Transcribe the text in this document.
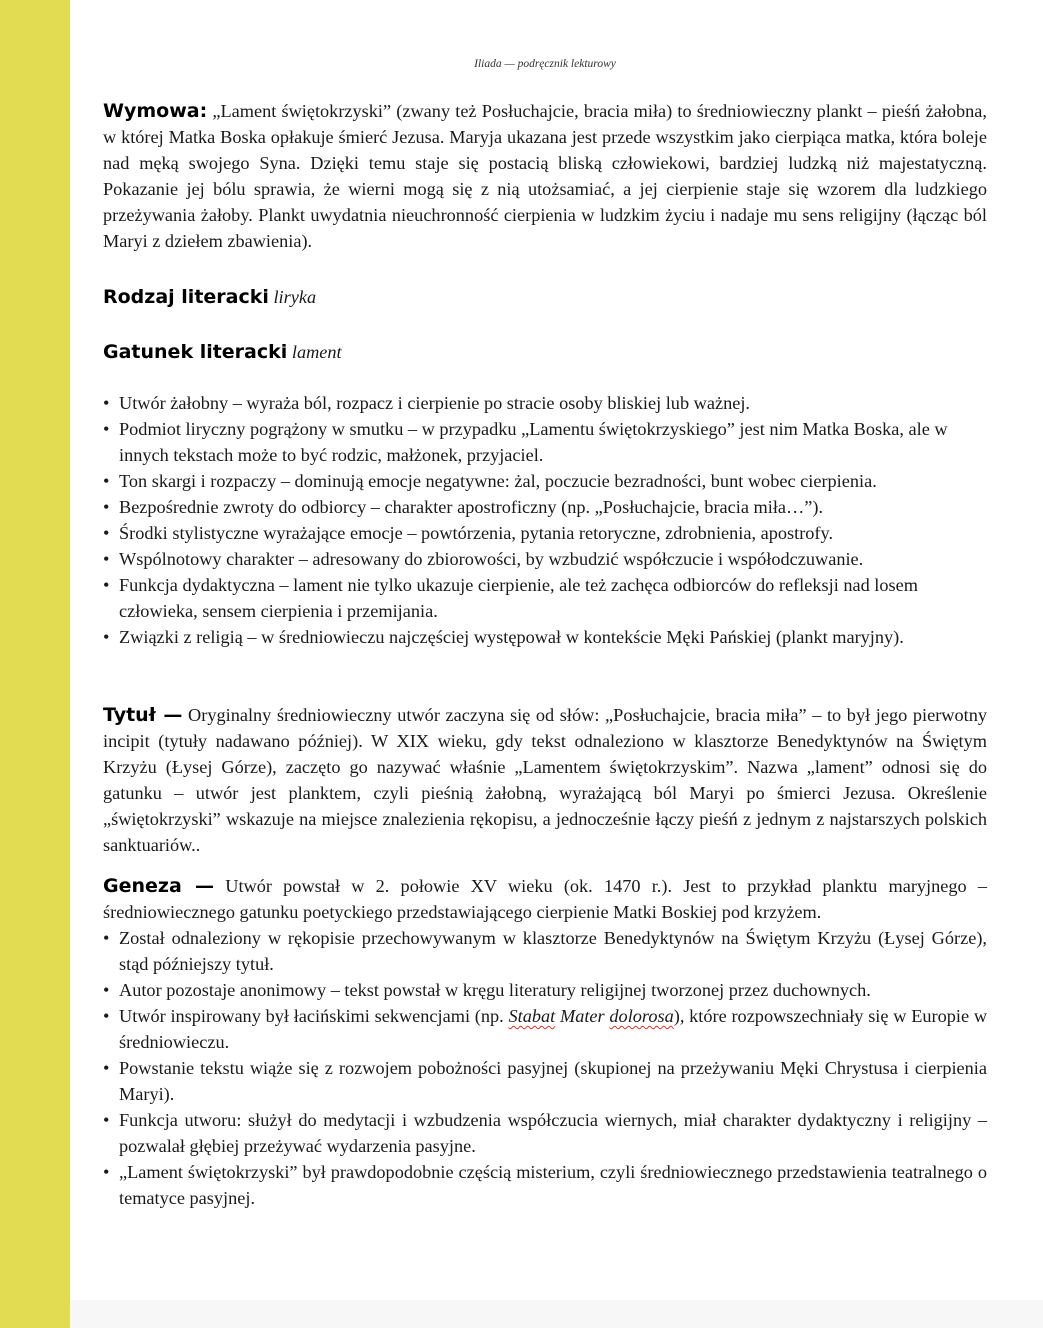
Iliada — podręcznik lekturowy
Wymowa: „Lament świętokrzyski” (zwany też Posłuchajcie, bracia miła) to średniowieczny plankt – pieśń żałobna, w której Matka Boska opłakuje śmierć Jezusa. Maryja ukazana jest przede wszystkim jako cierpiąca matka, która boleje nad męką swojego Syna. Dzięki temu staje się postacią bliską człowiekowi, bardziej ludzką niż majestatyczną. Pokazanie jej bólu sprawia, że wierni mogą się z nią utożsamiać, a jej cierpienie staje się wzorem dla ludzkiego przeżywania żałoby. Plankt uwydatnia nieuchronność cierpienia w ludzkim życiu i nadaje mu sens religijny (łącząc ból Maryi z dziełem zbawienia).
Rodzaj literacki liryka
Gatunek literacki lament
• Utwór żałobny – wyraża ból, rozpacz i cierpienie po stracie osoby bliskiej lub ważnej.
• Podmiot liryczny pogrążony w smutku – w przypadku „Lamentu świętokrzyskiego” jest nim Matka Boska, ale w innych tekstach może to być rodzic, małżonek, przyjaciel.
• Ton skargi i rozpaczy – dominują emocje negatywne: żal, poczucie bezradności, bunt wobec cierpienia.
• Bezpośrednie zwroty do odbiorcy – charakter apostroficzny (np. „Posłuchajcie, bracia miła…”).
• Środki stylistyczne wyrażające emocje – powtórzenia, pytania retoryczne, zdrobnienia, apostrofy.
• Wspólnotowy charakter – adresowany do zbiorowości, by wzbudzić współczucie i współodczuwanie.
• Funkcja dydaktyczna – lament nie tylko ukazuje cierpienie, ale też zachęca odbiorców do refleksji nad losem człowieka, sensem cierpienia i przemijania.
• Związki z religią – w średniowieczu najczęściej występował w kontekście Męki Pańskiej (plankt maryjny).
Tytuł — Oryginalny średniowieczny utwór zaczyna się od słów: „Posłuchajcie, bracia miła” – to był jego pierwotny incipit (tytuły nadawano później). W XIX wieku, gdy tekst odnaleziono w klasztorze Benedyktynów na Świętym Krzyżu (Łysej Górze), zaczęto go nazywać właśnie „Lamentem świętokrzyskim”. Nazwa „lament” odnosi się do gatunku – utwór jest planktem, czyli pieśnią żałobną, wyrażającą ból Maryi po śmierci Jezusa. Określenie „świętokrzyski” wskazuje na miejsce znalezienia rękopisu, a jednocześnie łączy pieśń z jednym z najstarszych polskich sanktuariów..
Geneza — Utwór powstał w 2. połowie XV wieku (ok. 1470 r.). Jest to przykład planktu maryjnego – średniowiecznego gatunku poetyckiego przedstawiającego cierpienie Matki Boskiej pod krzyżem.
• Został odnaleziony w rękopisie przechowywanym w klasztorze Benedyktynów na Świętym Krzyżu (Łysej Górze), stąd późniejszy tytuł.
• Autor pozostaje anonimowy – tekst powstał w kręgu literatury religijnej tworzonej przez duchownych.
• Utwór inspirowany był łacińskimi sekwencjami (np. Stabat Mater dolorosa), które rozpowszechniały się w Europie w średniowieczu.
• Powstanie tekstu wiąże się z rozwojem pobożności pasyjnej (skupionej na przeżywaniu Męki Chrystusa i cierpienia Maryi).
• Funkcja utworu: służył do medytacji i wzbudzenia współczucia wiernych, miał charakter dydaktyczny i religijny – pozwalał głębiej przeżywać wydarzenia pasyjne.
• „Lament świętokrzyski” był prawdopodobnie częścią misterium, czyli średniowiecznego przedstawienia teatralnego o tematyce pasyjnej.
